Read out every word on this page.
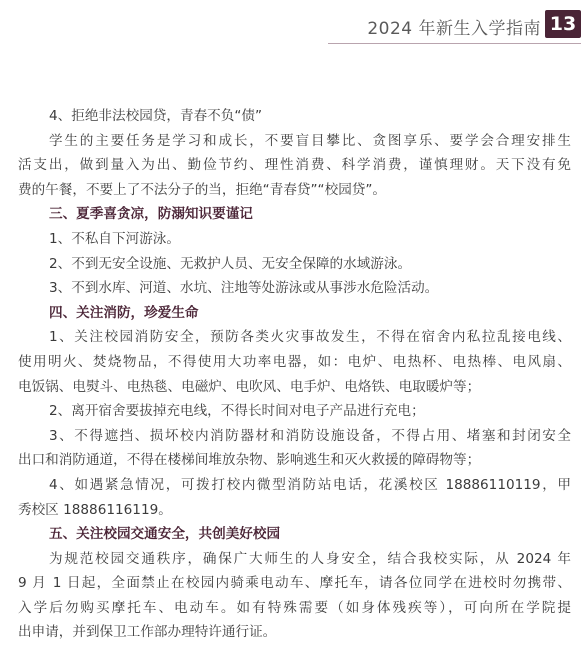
2024 年新生入学指南 13
4、拒绝非法校园贷，青春不负“债”
学生的主要任务是学习和成长，不要盲目攀比、贪图享乐、要学会合理安排生
活支出，做到量入为出、勤俭节约、理性消费、科学消费，谨慎理财。天下没有免
费的午餐，不要上了不法分子的当，拒绝“青春贷”“校园贷”。
三、夏季喜贪凉，防溺知识要谨记
1、不私自下河游泳。
2、不到无安全设施、无救护人员、无安全保障的水域游泳。
3、不到水库、河道、水坑、注地等处游泳或从事涉水危险活动。
四、关注消防，珍爱生命
1、关注校园消防安全，预防各类火灾事故发生，不得在宿舍内私拉乱接电线、
使用明火、焚烧物品，不得使用大功率电器，如：电炉、电热杯、电热棒、电风扇、
电饭锅、电熨斗、电热毯、电磁炉、电吹风、电手炉、电烙铁、电取暖炉等；
2、离开宿舍要拔掉充电线，不得长时间对电子产品进行充电；
3、不得遮挡、损坏校内消防器材和消防设施设备，不得占用、堵塞和封闭安全
出口和消防通道，不得在楼梯间堆放杂物、影响逃生和灭火救援的障碍物等；
4、如遇紧急情况，可拨打校内微型消防站电话，花溪校区 18886110119，甲
秀校区 18886116119。
五、关注校园交通安全，共创美好校园
为规范校园交通秩序，确保广大师生的人身安全，结合我校实际，从 2024 年
9 月 1 日起，全面禁止在校园内骑乘电动车、摩托车，请各位同学在进校时勿携带、
入学后勿购买摩托车、电动车。如有特殊需要（如身体残疾等），可向所在学院提
出申请，并到保卫工作部办理特许通行证。
